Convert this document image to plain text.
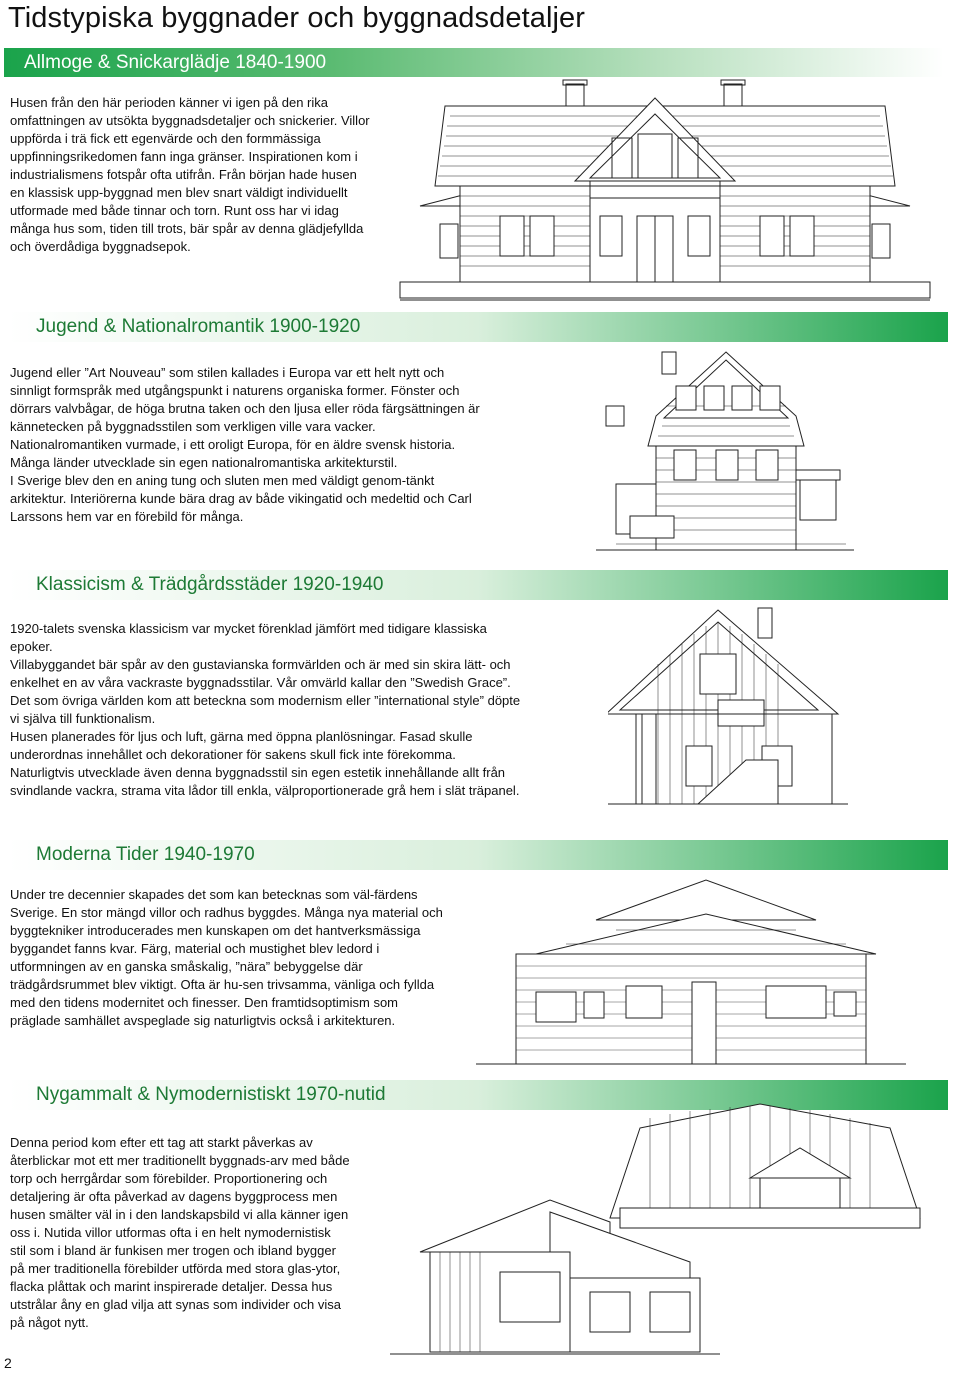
Tidstypiska byggnader och byggnadsdetaljer
Allmoge & Snickarglädje 1840-1900

Husen från den här perioden känner vi igen på den rika omfattningen av utsökta byggnadsdetaljer och snickerier. Villor uppförda i trä fick ett egenvärde och den formmässiga uppfinningsrikedomen fann inga gränser. Inspirationen kom i industrialismens fotspår ofta utifrån. Från början hade husen en klassisk upp-byggnad men blev snart väldigt individuellt utformade med både tinnar och torn. Runt oss har vi idag många hus som, tiden till trots, bär spår av denna glädjefyllda och överdådiga byggnadsepok.

Jugend & Nationalromantik 1900-1920

Jugend eller ”Art Nouveau” som stilen kallades i Europa var ett helt nytt och sinnligt formspråk med utgångspunkt i naturens organiska former. Fönster och dörrars valvbågar, de höga brutna taken och den ljusa eller röda färgsättningen är kännetecken på byggnadsstilen som verkligen ville vara vacker. Nationalromantiken vurmade, i ett oroligt Europa, för en äldre svensk historia.

Många länder utvecklade sin egen nationalromantiska arkitekturstil.

I Sverige blev den en aning tung och sluten men med väldigt genom-tänkt arkitektur. Interiörerna kunde bära drag av både vikingatid och medeltid och Carl Larssons hem var en förebild för många.

Klassicism & Trädgårdsstäder 1920-1940

1920-talets svenska klassicism var mycket förenklad jämfört med tidigare klassiska epoker.

Villabyggandet bär spår av den gustavianska formvärlden och är med sin skira lätt- och enkelhet en av våra vackraste byggnadsstilar. Vår omvärld kallar den ”Swedish Grace”. Det som övriga världen kom att beteckna som modernism eller ”international style” döpte vi själva till funktionalism.

Husen planerades för ljus och luft, gärna med öppna planlösningar. Fasad skulle underordnas innehållet och dekorationer för sakens skull fick inte förekomma.

Naturligtvis utvecklade även denna byggnadsstil sin egen estetik innehållande allt från svindlande vackra, strama vita lådor till enkla, välproportionerade grå hem i slät träpanel.

Moderna Tider 1940-1970

Under tre decennier skapades det som kan betecknas som väl-färdens Sverige. En stor mängd villor och radhus byggdes. Många nya material och byggtekniker introducerades men kunskapen om det hantverksmässiga byggandet fanns kvar. Färg, material och mustighet blev ledord i utformningen av en ganska småskalig, ”nära” bebyggelse där trädgårdsrummet blev viktigt. Ofta är hu-sen trivsamma, vänliga och fyllda med den tidens modernitet och finesser. Den framtidsoptimism som präglade samhället avspeglade sig naturligtvis också i arkitekturen.

Nygammalt & Nymodernistiskt 1970-nutid

Denna period kom efter ett tag att starkt påverkas av återblickar mot ett mer traditionellt byggnads-arv med både torp och herrgårdar som förebilder. Proportionering och detaljering är ofta påverkad av dagens byggprocess men husen smälter väl in i den landskapsbild vi alla känner igen oss i. Nutida villor utformas ofta i en helt nymodernistisk stil som i bland är funkisen mer trogen och ibland bygger på mer traditionella förebilder utförda med stora glas-ytor, flacka plåttak och marint inspirerade detaljer. Dessa hus utstrålar åny en glad vilja att synas som individer och visa på något nytt.

2
